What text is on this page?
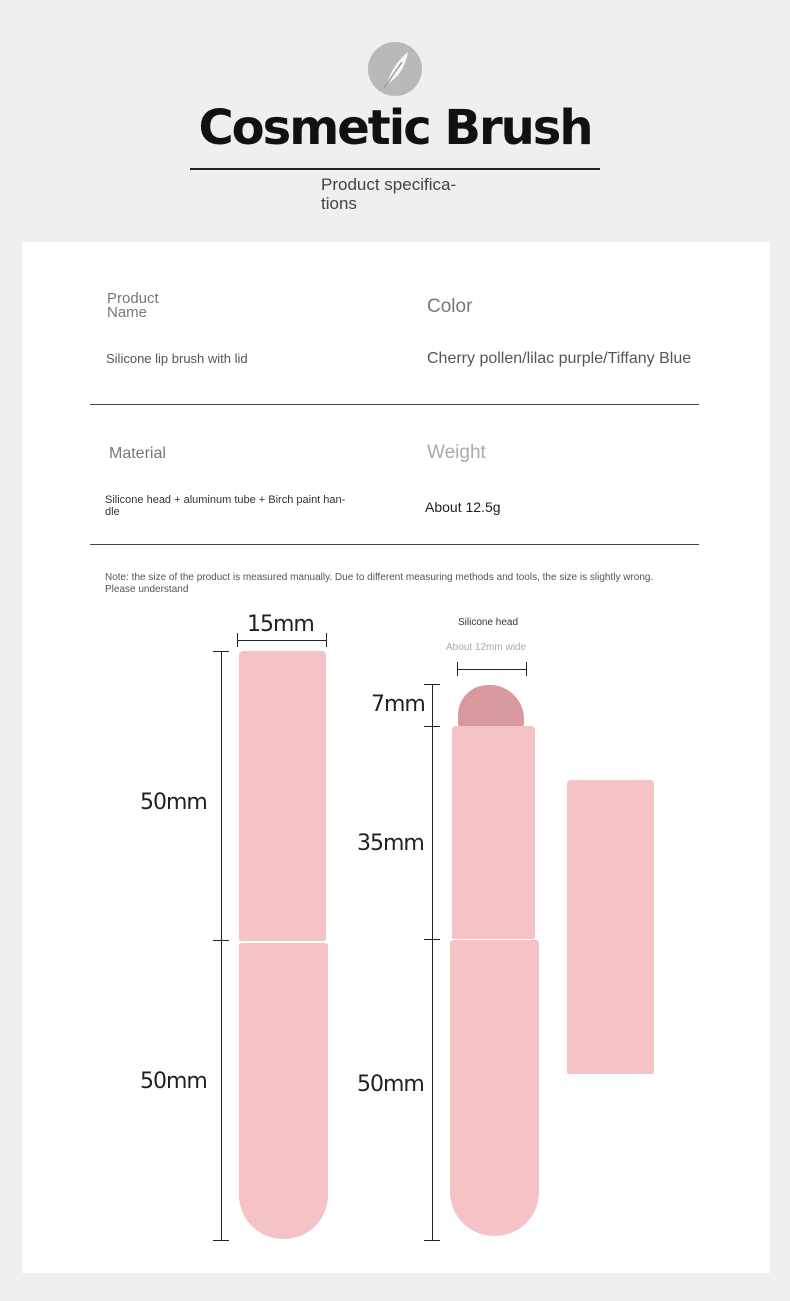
Cosmetic Brush
Product specifica-
tions
Product
Name	Color
Silicone lip brush with lid	Cherry pollen/lilac purple/Tiffany Blue
Material	Weight
Silicone head + aluminum tube + Birch paint han-
dle	About 12.5g
Note: the size of the product is measured manually. Due to different measuring methods and tools, the size is slightly wrong.
Please understand
15mm
50mm
50mm
Silicone head
About 12mm wide
7mm
35mm
50mm
